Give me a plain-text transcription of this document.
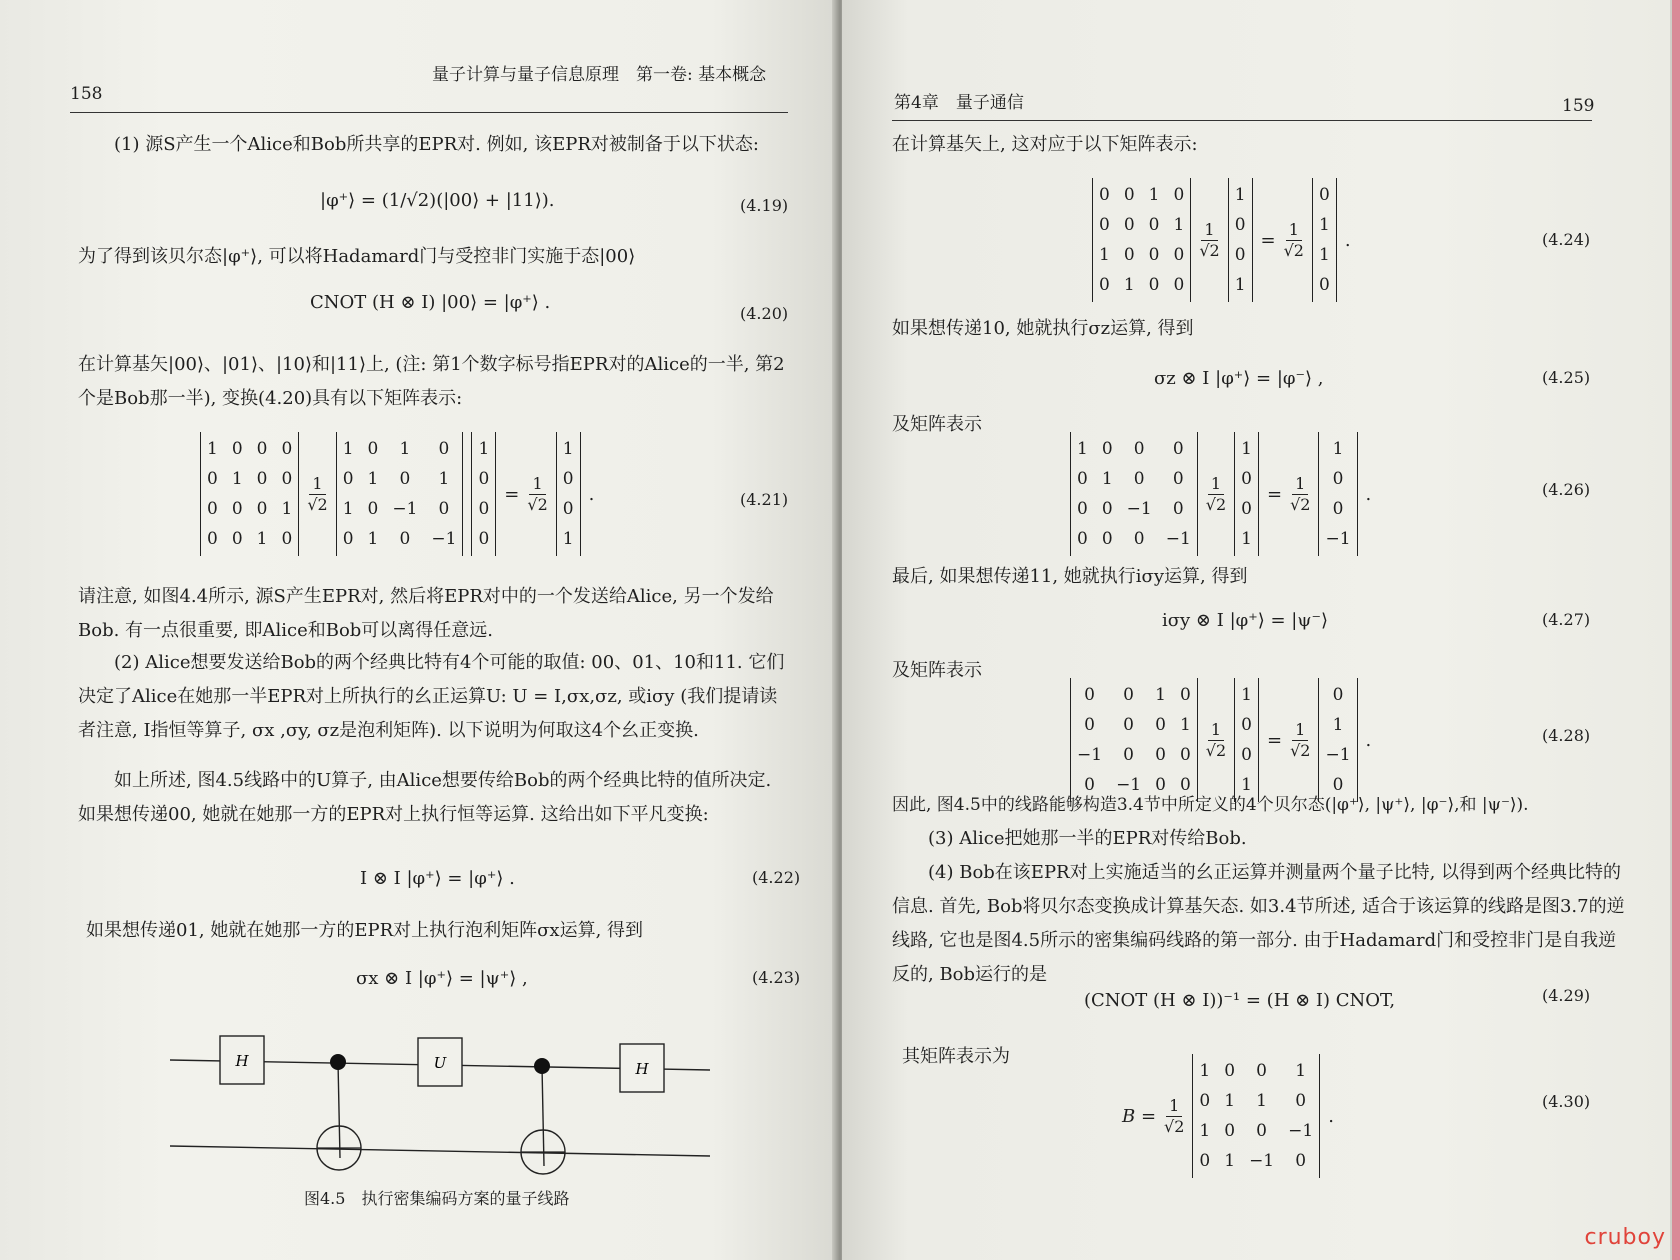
158
量子计算与量子信息原理　第一卷: 基本概念
(1) 源S产生一个Alice和Bob所共享的EPR对. 例如, 该EPR对被制备于以下状态:
|φ⁺⟩ = (1/√2)(|00⟩ + |11⟩).	(4.19)
为了得到该贝尔态|φ⁺⟩, 可以将Hadamard门与受控非门实施于态|00⟩
CNOT (H ⊗ I) |00⟩ = |φ⁺⟩ .
(4.20)
在计算基矢|00⟩、|01⟩、|10⟩和|11⟩上, (注: 第1个数字标号指EPR对的Alice的一半, 第2个是Bob那一半), 变换(4.20)具有以下矩阵表示:
1 0 0 0
0 1 0 0
0 0 0 1
0 0 1 0
$\frac{1}{√2}$
1 0	1	0
0 1	0	1
1 0 −1	0
0 1	0	−1
1
0
0
0
= $\frac{1}{√2}$
1
0
0
1
.	(4.21)
请注意, 如图4.4所示, 源S产生EPR对, 然后将EPR对中的一个发送给Alice, 另一个发给Bob. 有一点很重要, 即Alice和Bob可以离得任意远.
(2) Alice想要发送给Bob的两个经典比特有4个可能的取值: 00、01、10和11. 它们决定了Alice在她那一半EPR对上所执行的幺正运算U: U = I,σx,σz, 或iσy (我们提请读者注意, I指恒等算子, σx ,σy, σz是泡利矩阵). 以下说明为何取这4个幺正变换.
如上所述, 图4.5线路中的U算子, 由Alice想要传给Bob的两个经典比特的值所决定. 如果想传递00, 她就在她那一方的EPR对上执行恒等运算. 这给出如下平凡变换:
I ⊗ I |φ⁺⟩ = |φ⁺⟩ .	(4.22)
如果想传递01, 她就在她那一方的EPR对上执行泡利矩阵σx运算, 得到
σx ⊗ I |φ⁺⟩ = |ψ⁺⟩ ,	(4.23)
H	U	H
图4.5　执行密集编码方案的量子线路
第4章　量子通信	159
在计算基矢上, 这对应于以下矩阵表示:
0 0 1 0
0 0 0 1
1 0 0 0
0 1 0 0
$\frac{1}{√2}$
1
0
0
1
= $\frac{1}{√2}$
0
1
1
0
.	(4.24)
如果想传递10, 她就执行σz运算, 得到
σz ⊗ I |φ⁺⟩ = |φ⁻⟩ ,	(4.25)
及矩阵表示
1 0	0	0
0 1	0	0
0 0 −1	0
0 0	0	−1
$\frac{1}{√2}$
1
0
0
1
= $\frac{1}{√2}$
1
0
0
−1
.	(4.26)
最后, 如果想传递11, 她就执行iσy运算, 得到
iσy ⊗ I |φ⁺⟩ = |ψ⁻⟩	(4.27)
及矩阵表示
0	0	1 0
0	0	0 1
−1	0	0 0
0	−1 0 0
$\frac{1}{√2}$
1
0
0
1
= $\frac{1}{√2}$
0
1
−1
0
.	(4.28)
因此, 图4.5中的线路能够构造3.4节中所定义的4个贝尔态(|φ⁺⟩, |ψ⁺⟩, |φ⁻⟩,和 |ψ⁻⟩).
(3) Alice把她那一半的EPR对传给Bob.
(4) Bob在该EPR对上实施适当的幺正运算并测量两个量子比特, 以得到两个经典比特的信息. 首先, Bob将贝尔态变换成计算基矢态. 如3.4节所述, 适合于该运算的线路是图3.7的逆线路, 它也是图4.5所示的密集编码线路的第一部分. 由于Hadamard门和受控非门是自我逆反的, Bob运行的是
(CNOT (H ⊗ I))⁻¹ = (H ⊗ I) CNOT,	(4.29)
其矩阵表示为
$B = \frac{1}{√2}$
1 0	0	1
0 1	1	0
1 0	0	−1
0 1 −1	0
.
(4.30)
cruboy
